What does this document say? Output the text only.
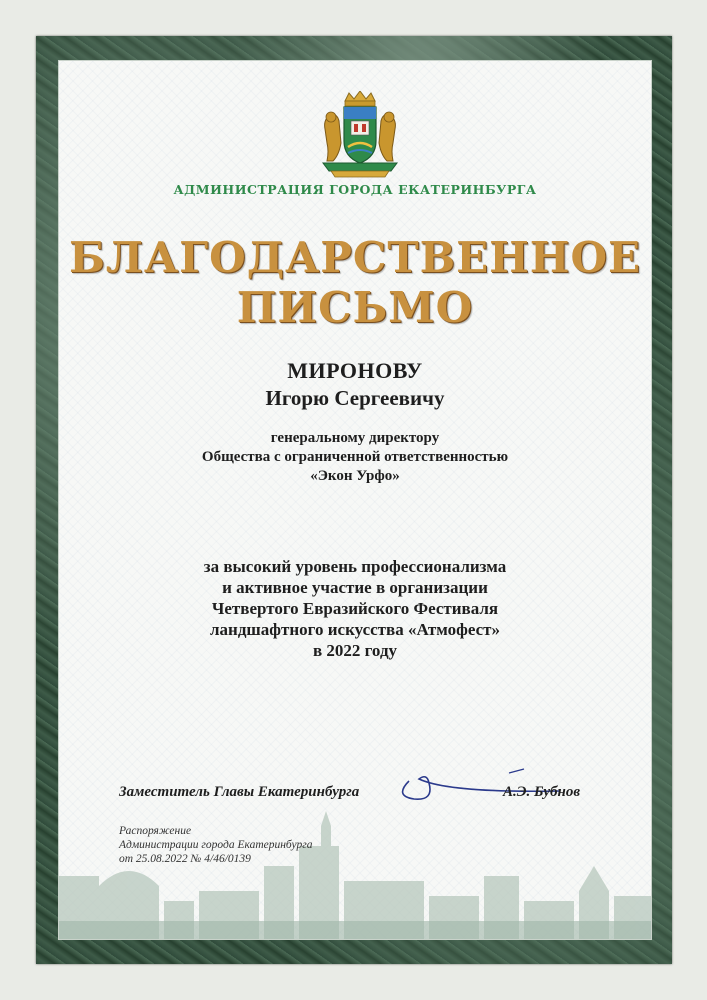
АДМИНИСТРАЦИЯ ГОРОДА ЕКАТЕРИНБУРГА
БЛАГОДАРСТВЕННОЕ
ПИСЬМО
МИРОНОВУ
Игорю Сергеевичу
генеральному директору
Общества с ограниченной ответственностью
«Экон Урфо»
за высокий уровень профессионализма
и активное участие в организации
Четвертого Евразийского Фестиваля
ландшафтного искусства «Атмофест»
в 2022 году
Заместитель Главы Екатеринбурга	А.Э. Бубнов
Распоряжение
Администрации города Екатеринбурга
от 25.08.2022 № 4/46/0139
